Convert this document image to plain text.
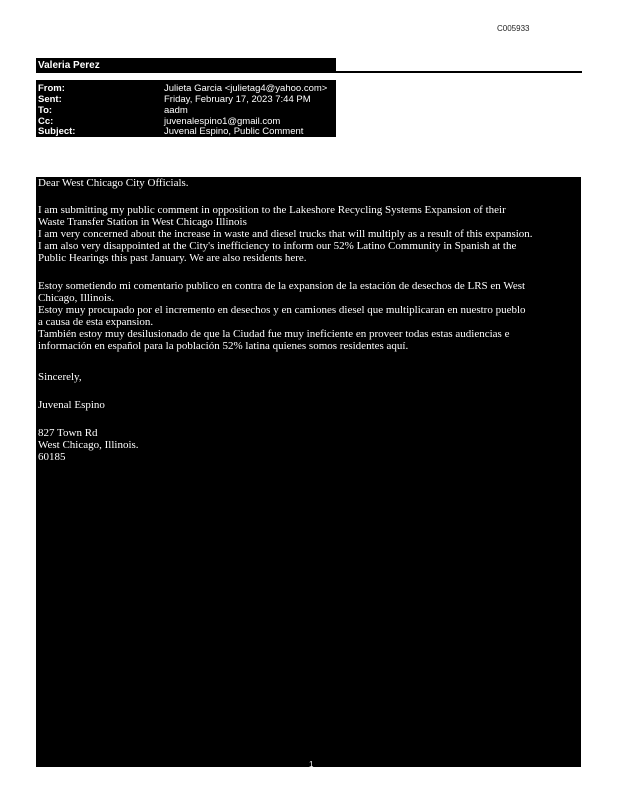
C005933
Valeria Perez
From:	Julieta Garcia <julietag4@yahoo.com>
Sent:	Friday, February 17, 2023 7:44 PM
To:	aadm
Cc:	juvenalespino1@gmail.com
Subject:	Juvenal Espino, Public Comment

Dear West Chicago City Officials.

I am submitting my public comment in opposition to the Lakeshore Recycling Systems Expansion of their

Waste Transfer Station in West Chicago Illinois

I am very concerned about the increase in waste and diesel trucks that will multiply as a result of this expansion.

I am also very disappointed at the City's inefficiency to inform our 52% Latino Community in Spanish at the

Public Hearings this past January. We are also residents here.

Estoy sometiendo mi comentario publico en contra de la expansion de la estación de desechos de LRS en West

Chicago, Illinois.

Estoy muy procupado por el incremento en desechos y en camiones diesel que multiplicaran en nuestro pueblo

a causa de esta expansion.

También estoy muy desilusionado de que la Ciudad fue muy ineficiente en proveer todas estas audiencias e

información en español para la población 52% latina quienes somos residentes aquí.

Sincerely,

Juvenal Espino

827 Town Rd

West Chicago, Illinois.

60185

1
